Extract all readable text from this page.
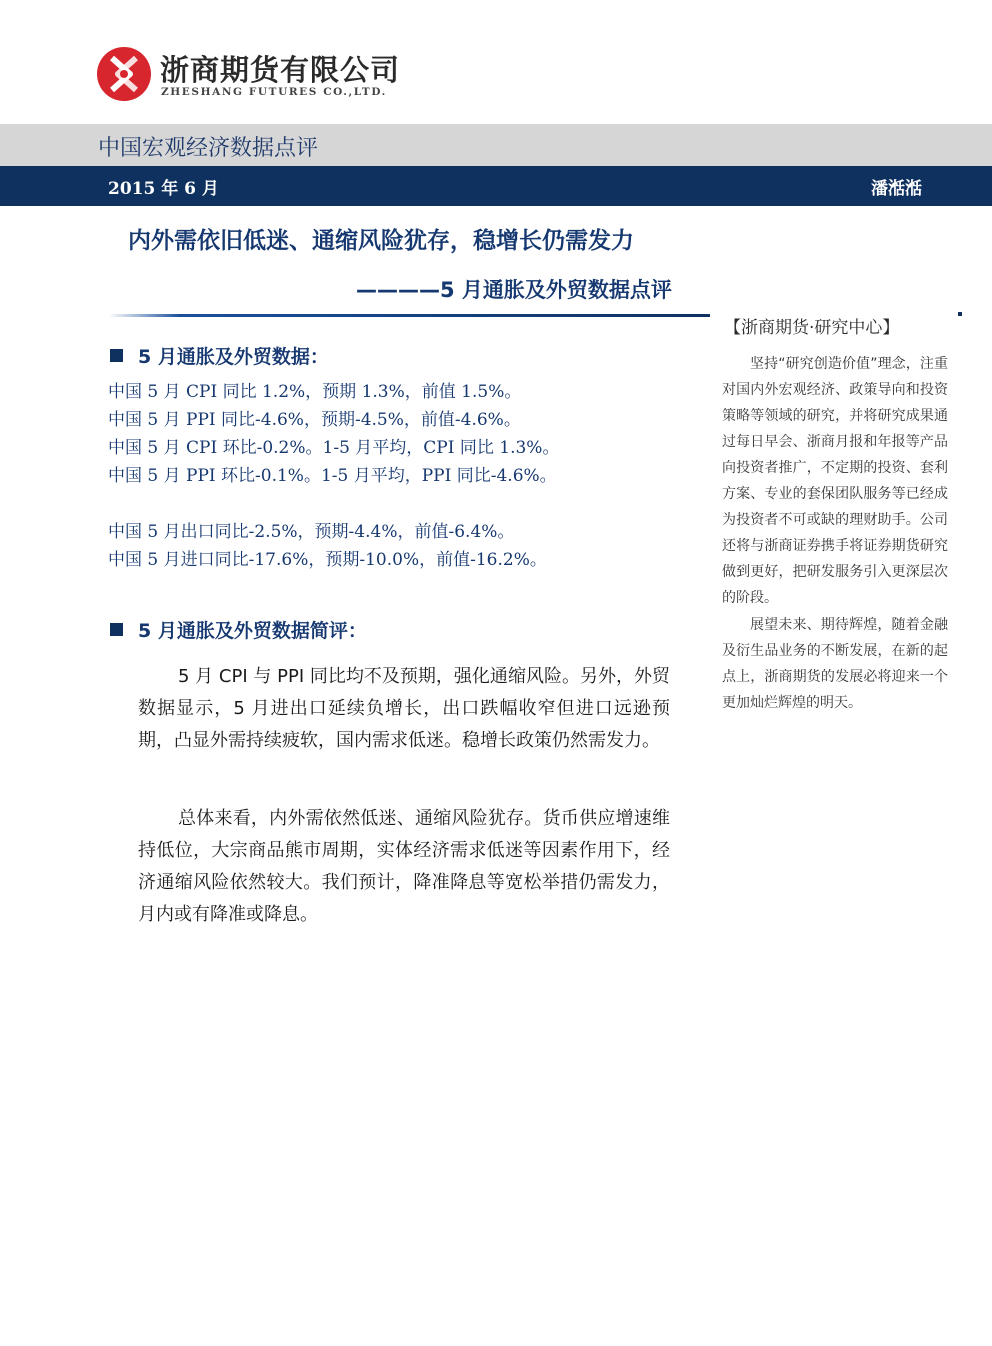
浙商期货有限公司
ZHESHANG FUTURES CO.,LTD.
中国宏观经济数据点评
2015 年 6 月	潘湉湉
内外需依旧低迷、通缩风险犹存，稳增长仍需发力
————5 月通胀及外贸数据点评
5 月通胀及外贸数据：
中国 5 月 CPI 同比 1.2%，预期 1.3%，前值 1.5%。
中国 5 月 PPI 同比-4.6%，预期-4.5%，前值-4.6%。
中国 5 月 CPI 环比-0.2%。1-5 月平均，CPI 同比 1.3%。
中国 5 月 PPI 环比-0.1%。1-5 月平均，PPI 同比-4.6%。
中国 5 月出口同比-2.5%，预期-4.4%，前值-6.4%。
中国 5 月进口同比-17.6%，预期-10.0%，前值-16.2%。
5 月通胀及外贸数据简评：
5 月 CPI 与 PPI 同比均不及预期，强化通缩风险。另外，外贸数据显示，5 月进出口延续负增长，出口跌幅收窄但进口远逊预期，凸显外需持续疲软，国内需求低迷。稳增长政策仍然需发力。
总体来看，内外需依然低迷、通缩风险犹存。货币供应增速维持低位，大宗商品熊市周期，实体经济需求低迷等因素作用下，经济通缩风险依然较大。我们预计，降准降息等宽松举措仍需发力，月内或有降准或降息。
【浙商期货·研究中心】
坚持“研究创造价值”理念，注重对国内外宏观经济、政策导向和投资策略等领域的研究，并将研究成果通过每日早会、浙商月报和年报等产品向投资者推广，不定期的投资、套利方案、专业的套保团队服务等已经成为投资者不可或缺的理财助手。公司还将与浙商证券携手将证券期货研究做到更好，把研发服务引入更深层次的阶段。
展望未来、期待辉煌，随着金融及衍生品业务的不断发展，在新的起点上，浙商期货的发展必将迎来一个更加灿烂辉煌的明天。
